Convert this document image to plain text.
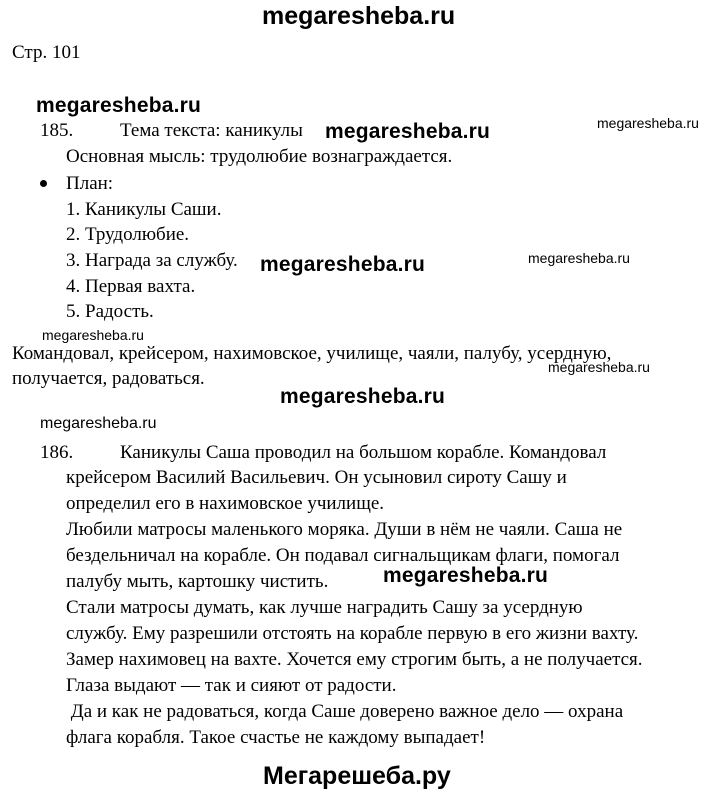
megaresheba.ru
Стр. 101
megaresheba.ru
megaresheba.ru	megaresheba.ru
megaresheba.ru	megaresheba.ru
megaresheba.ru
megaresheba.ru
megaresheba.ru
megaresheba.ru
megaresheba.ru
185. Тема текста: каникулы
Основная мысль: трудолюбие вознаграждается.
План:
1. Каникулы Саши.
2. Трудолюбие.
3. Награда за службу.
4. Первая вахта.
5. Радость.
Командовал, крейсером, нахимовское, училище, чаяли, палубу, усердную,
получается, радоваться.
186. Каникулы Саша проводил на большом корабле. Командовал
крейсером Василий Васильевич. Он усыновил сироту Сашу и
определил его в нахимовское училище.
Любили матросы маленького моряка. Души в нём не чаяли. Саша не
бездельничал на корабле. Он подавал сигнальщикам флаги, помогал
палубу мыть, картошку чистить.
Стали матросы думать, как лучше наградить Сашу за усердную
службу. Ему разрешили отстоять на корабле первую в его жизни вахту.
Замер нахимовец на вахте. Хочется ему строгим быть, а не получается.
Глаза выдают — так и сияют от радости.
Да и как не радоваться, когда Саше доверено важное дело — охрана
флага корабля. Такое счастье не каждому выпадает!
Мегарешеба.ру
